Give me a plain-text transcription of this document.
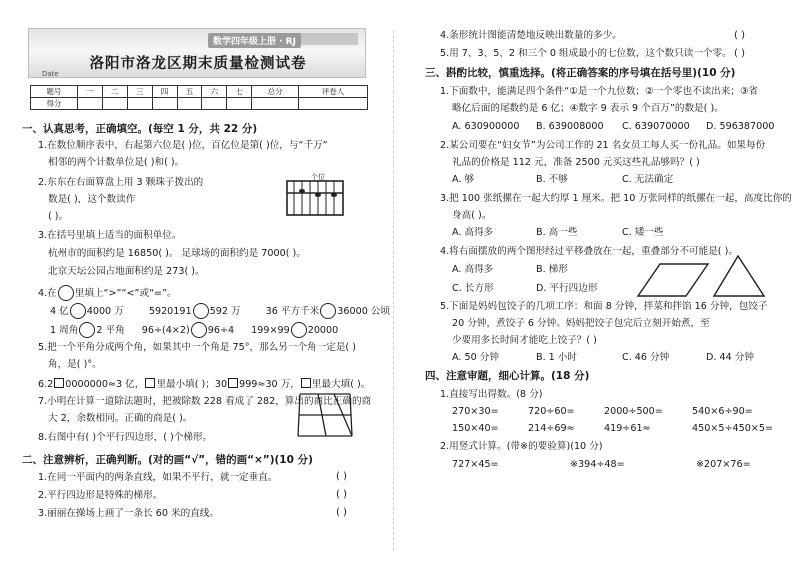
数学四年级上册 · RJ
洛阳市洛龙区期末质量检测试卷
Date
题号	一	二	三	四	五	六	七	总分	评卷人
得分									
一、认真思考，正确填空。(每空 1 分，共 22 分)
1.在数位顺序表中，右起第六位是( )位，百亿位是第( )位，与“千万”
相邻的两个计数单位是( )和( )。
2.东东在右面算盘上用 3 颗珠子拨出的
数是( )，这个数读作
( )。
个位
3.在括号里填上适当的面积单位。
杭州市的面积约是 16850( )。 足球场的面积约是 7000( )。
北京天坛公园占地面积约是 273( )。
4.在 里填上“>”“<”或“=”。
4 亿 4000 万	5920191 592 万	36 平方千米 36000 公顷
1 周角 2 平角 96÷(4×2) 96÷4 199×99 20000
5.把一个平角分成两个角，如果其中一个角是 75°，那么另一个角一定是( )
角，是( )°。
6.2 0000000≈3 亿， 里最小填( )；30 999≈30 万， 里最大填( )。
7.小明在计算一道除法题时，把被除数 228 看成了 282，算出的商比正确的商
大 2，余数相同。正确的商是( )。
8.右图中有( )个平行四边形，( )个梯形。
二、注意辨析，正确判断。(对的画“√”，错的画“×”)(10 分)
1.在同一平面内的两条直线，如果不平行，就一定垂直。	( )
2.平行四边形是特殊的梯形。	( )
3.丽丽在操场上画了一条长 60 米的直线。	( )
4.条形统计图能清楚地反映出数量的多少。	( )
5.用 7、3、5、2 和三个 0 组成最小的七位数，这个数只读一个零。 ( )
三、斟酌比较，慎重选择。(将正确答案的序号填在括号里)(10 分)
1.下面数中，能满足四个条件“①是一个九位数；②一个零也不读出来；③省
略亿后面的尾数约是 6 亿；④数字 9 表示 9 个百万”的数是( )。
A. 630900000 B. 639008000 C. 639070000 D. 596387000
2.某公司要在“妇女节”为公司工作的 21 名女员工每人买一份礼品。如果每份
礼品的价格是 112 元，准备 2500 元买这些礼品够吗？( )
A. 够	B. 不够	C. 无法确定
3.把 100 张纸摞在一起大约厚 1 厘米。把 10 万张同样的纸摞在一起，高度比你的
身高( )。
A. 高得多	B. 高一些	C. 矮一些
4.将右面摆放的两个图形经过平移叠放在一起，重叠部分不可能是( )。
A. 高得多	B. 梯形
C. 长方形	D. 平行四边形
5.下面是妈妈包饺子的几项工序：和面 8 分钟，拌菜和拌馅 16 分钟，包饺子
20 分钟，煮饺子 6 分钟。妈妈把饺子包完后立刻开始煮，至
少要用多长时间才能吃上饺子？( )
A. 50 分钟	B. 1 小时	C. 46 分钟	D. 44 分钟
四、注意审题，细心计算。(18 分)
1.直接写出得数。(8 分)
270×30=	720÷60=	2000÷500=	540×6÷90=
150×40=	214÷69≈	419÷61≈	450×5÷450×5=
2.用竖式计算。(带※的要验算)(10 分)
727×45=	※394÷48=	※207×76=
